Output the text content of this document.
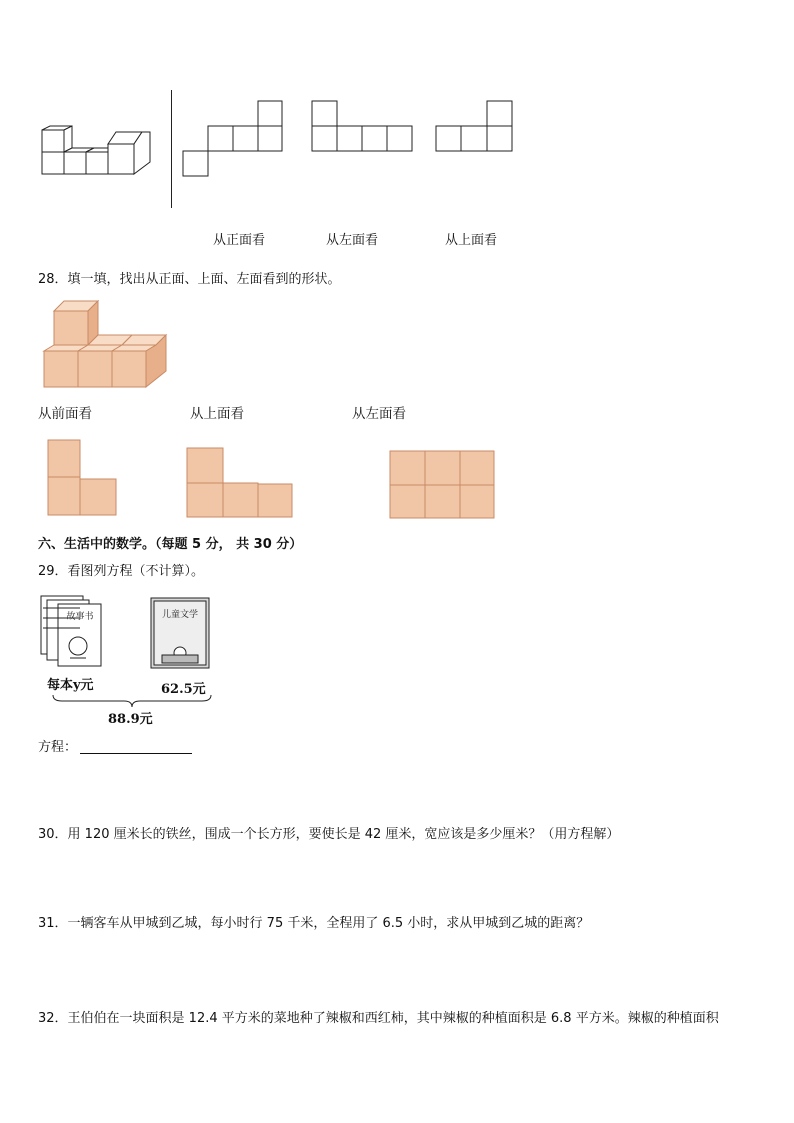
从正面看	从左面看	从上面看
28．填一填，找出从正面、上面、左面看到的形状。
从前面看	从上面看	从左面看
六、生活中的数学。（每题 5 分， 共 30 分）
29．看图列方程（不计算）。
故事书	儿童文学
每本y元	62.5元
88.9元
方程：
30．用 120 厘米长的铁丝，围成一个长方形，要使长是 42 厘米，宽应该是多少厘米？（用方程解）
31．一辆客车从甲城到乙城，每小时行 75 千米，全程用了 6.5 小时，求从甲城到乙城的距离？
32．王伯伯在一块面积是 12.4 平方米的菜地种了辣椒和西红柿，其中辣椒的种植面积是 6.8 平方米。辣椒的种植面积
